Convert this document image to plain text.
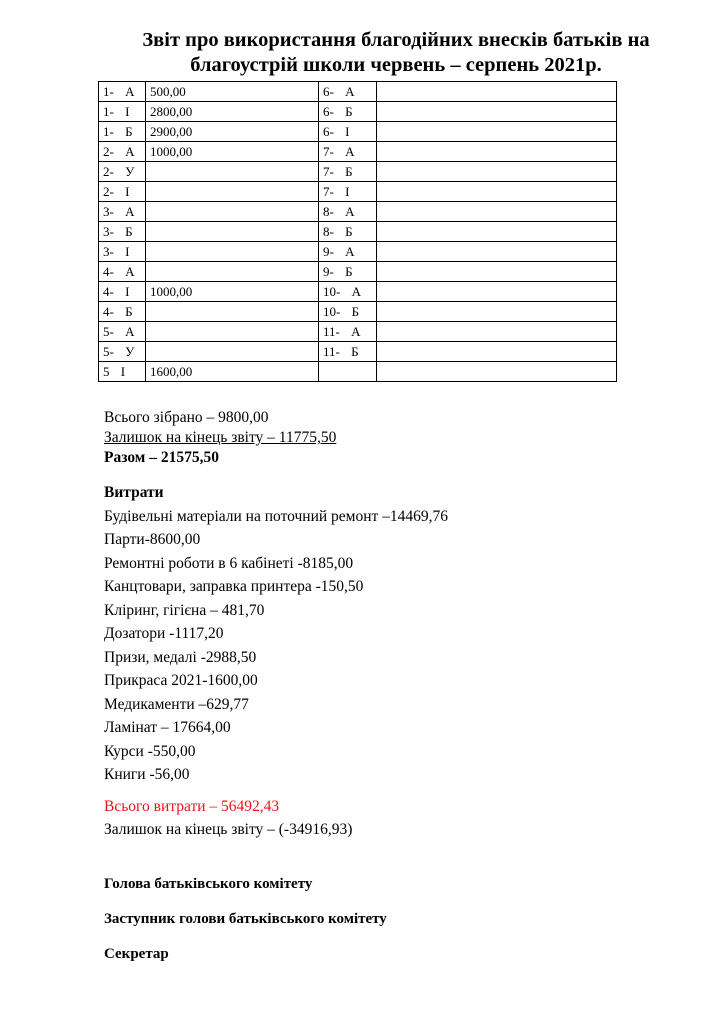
Звіт про використання благодійних внесків батьків на
благоустрій школи червень – серпень 2021р.
1- А	500,00	6- А	
1- І	2800,00	6- Б	
1- Б	2900,00	6- І	
2- А	1000,00	7- А	
2- У		7- Б	
2- І		7- І	
3- А		8- А	
3- Б		8- Б	
3- І		9- А	
4- А		9- Б	
4- І	1000,00	10- А	
4- Б		10- Б	
5- А		11- А	
5- У		11- Б	
5 І	1600,00		
Всього зібрано – 9800,00
Залишок на кінець звіту – 11775,50
Разом – 21575,50
Витрати
Будівельні матеріали на поточний ремонт –14469,76
Парти-8600,00
Ремонтні роботи в 6 кабінеті -8185,00
Канцтовари, заправка принтера -150,50
Кліринг, гігієна – 481,70
Дозатори -1117,20
Призи, медалі -2988,50
Прикраса 2021-1600,00
Медикаменти –629,77
Ламінат – 17664,00
Курси -550,00
Книги -56,00
Всього витрати – 56492,43
Залишок на кінець звіту – (-34916,93)
Голова батьківського комітету
Заступник голови батьківського комітету
Секретар
